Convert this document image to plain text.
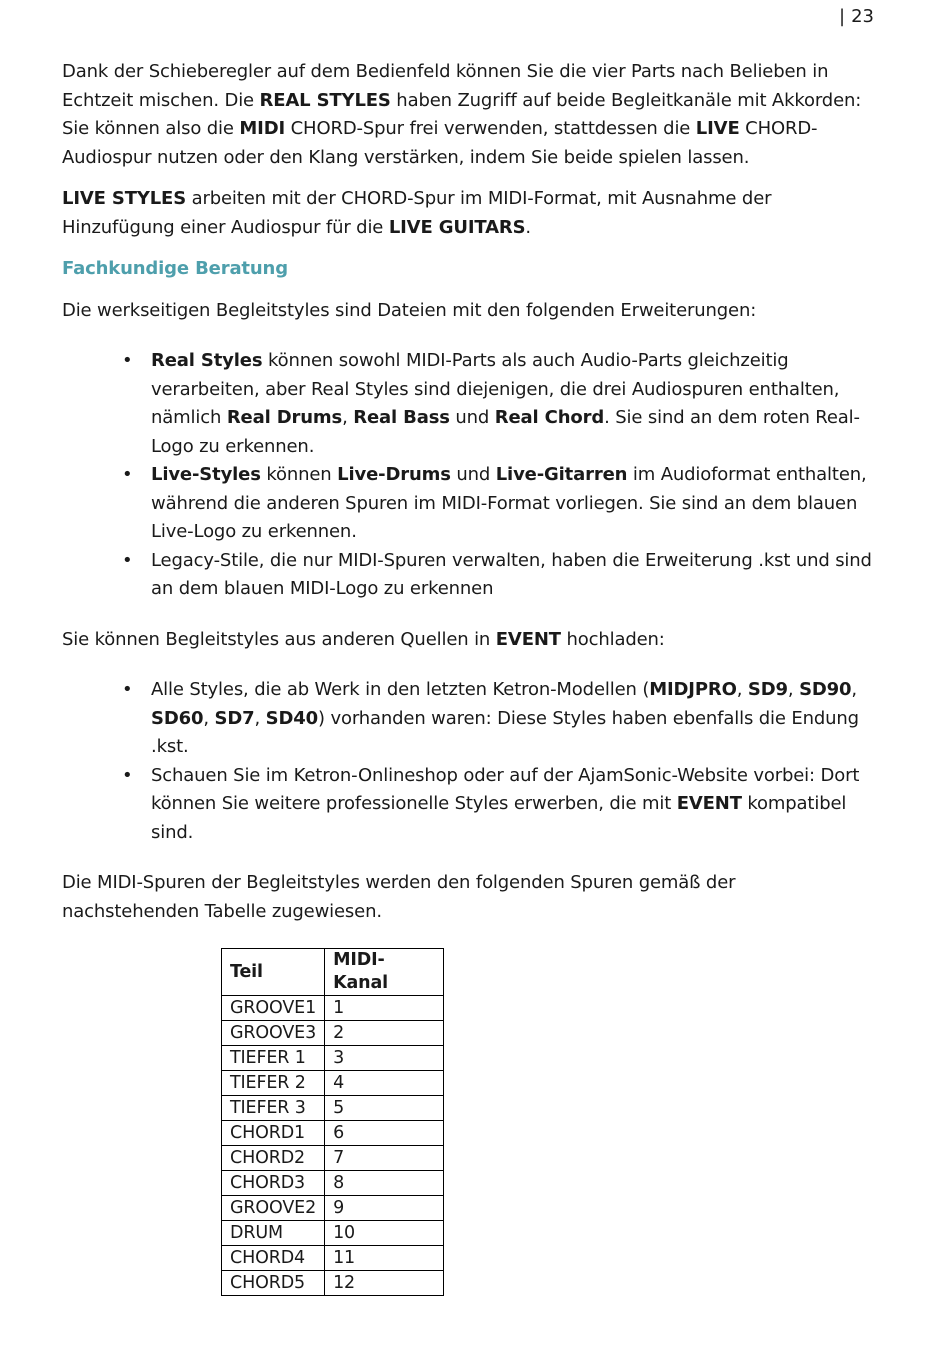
| 23

Dank der Schieberegler auf dem Bedienfeld können Sie die vier Parts nach Belieben in Echtzeit mischen. Die REAL STYLES haben Zugriff auf beide Begleitkanäle mit Akkorden: Sie können also die MIDI CHORD-Spur frei verwenden, stattdessen die LIVE CHORD-Audiospur nutzen oder den Klang verstärken, indem Sie beide spielen lassen.

LIVE STYLES arbeiten mit der CHORD-Spur im MIDI-Format, mit Ausnahme der Hinzufügung einer Audiospur für die LIVE GUITARS.

Fachkundige Beratung

Die werkseitigen Begleitstyles sind Dateien mit den folgenden Erweiterungen:

• Real Styles können sowohl MIDI-Parts als auch Audio-Parts gleichzeitig verarbeiten, aber Real Styles sind diejenigen, die drei Audiospuren enthalten, nämlich Real Drums, Real Bass und Real Chord. Sie sind an dem roten Real-Logo zu erkennen.
• Live-Styles können Live-Drums und Live-Gitarren im Audioformat enthalten, während die anderen Spuren im MIDI-Format vorliegen. Sie sind an dem blauen Live-Logo zu erkennen.
• Legacy-Stile, die nur MIDI-Spuren verwalten, haben die Erweiterung .kst und sind an dem blauen MIDI-Logo zu erkennen

Sie können Begleitstyles aus anderen Quellen in EVENT hochladen:

• Alle Styles, die ab Werk in den letzten Ketron-Modellen (MIDJPRO, SD9, SD90, SD60, SD7, SD40) vorhanden waren: Diese Styles haben ebenfalls die Endung .kst.
• Schauen Sie im Ketron-Onlineshop oder auf der AjamSonic-Website vorbei: Dort können Sie weitere professionelle Styles erwerben, die mit EVENT kompatibel sind.

Die MIDI-Spuren der Begleitstyles werden den folgenden Spuren gemäß der nachstehenden Tabelle zugewiesen.

Teil	MIDI-Kanal
GROOVE1	1
GROOVE3	2
TIEFER 1	3
TIEFER 2	4
TIEFER 3	5
CHORD1	6
CHORD2	7
CHORD3	8
GROOVE2	9
DRUM	10
CHORD4	11
CHORD5	12
